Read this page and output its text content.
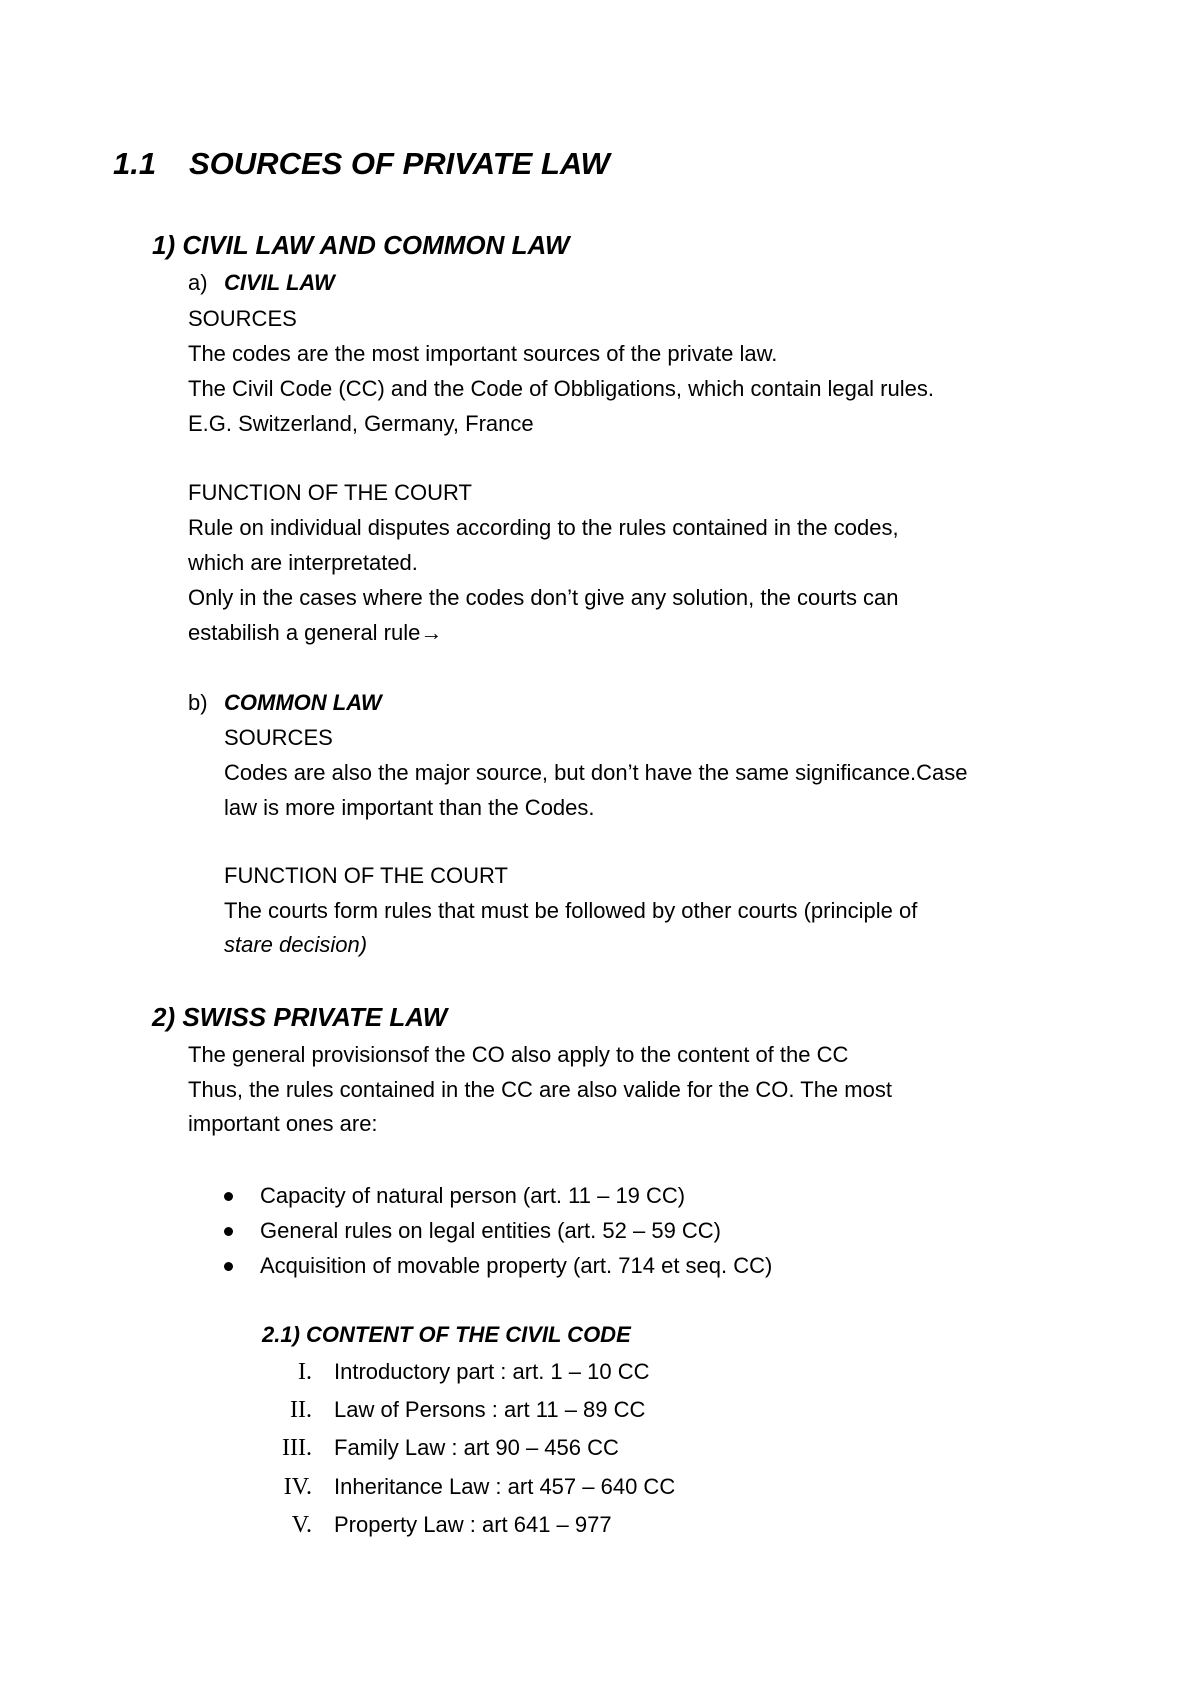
1.1 SOURCES OF PRIVATE LAW
1) CIVIL LAW AND COMMON LAW
a) CIVIL LAW
SOURCES
The codes are the most important sources of the private law.
The Civil Code (CC) and the Code of Obbligations, which contain legal rules.
E.G. Switzerland, Germany, France
FUNCTION OF THE COURT
Rule on individual disputes according to the rules contained in the codes,
which are interpretated.
Only in the cases where the codes don’t give any solution, the courts can
estabilish a general rule→
b) COMMON LAW
SOURCES
Codes are also the major source, but don’t have the same significance.Case
law is more important than the Codes.
FUNCTION OF THE COURT
The courts form rules that must be followed by other courts (principle of
stare decision)
2) SWISS PRIVATE LAW
The general provisionsof the CO also apply to the content of the CC
Thus, the rules contained in the CC are also valide for the CO. The most
important ones are:
Capacity of natural person (art. 11 – 19 CC)
General rules on legal entities (art. 52 – 59 CC)
Acquisition of movable property (art. 714 et seq. CC)
2.1) CONTENT OF THE CIVIL CODE
I. Introductory part : art. 1 – 10 CC
II. Law of Persons : art 11 – 89 CC
III. Family Law : art 90 – 456 CC
IV. Inheritance Law : art 457 – 640 CC
V. Property Law : art 641 – 977
